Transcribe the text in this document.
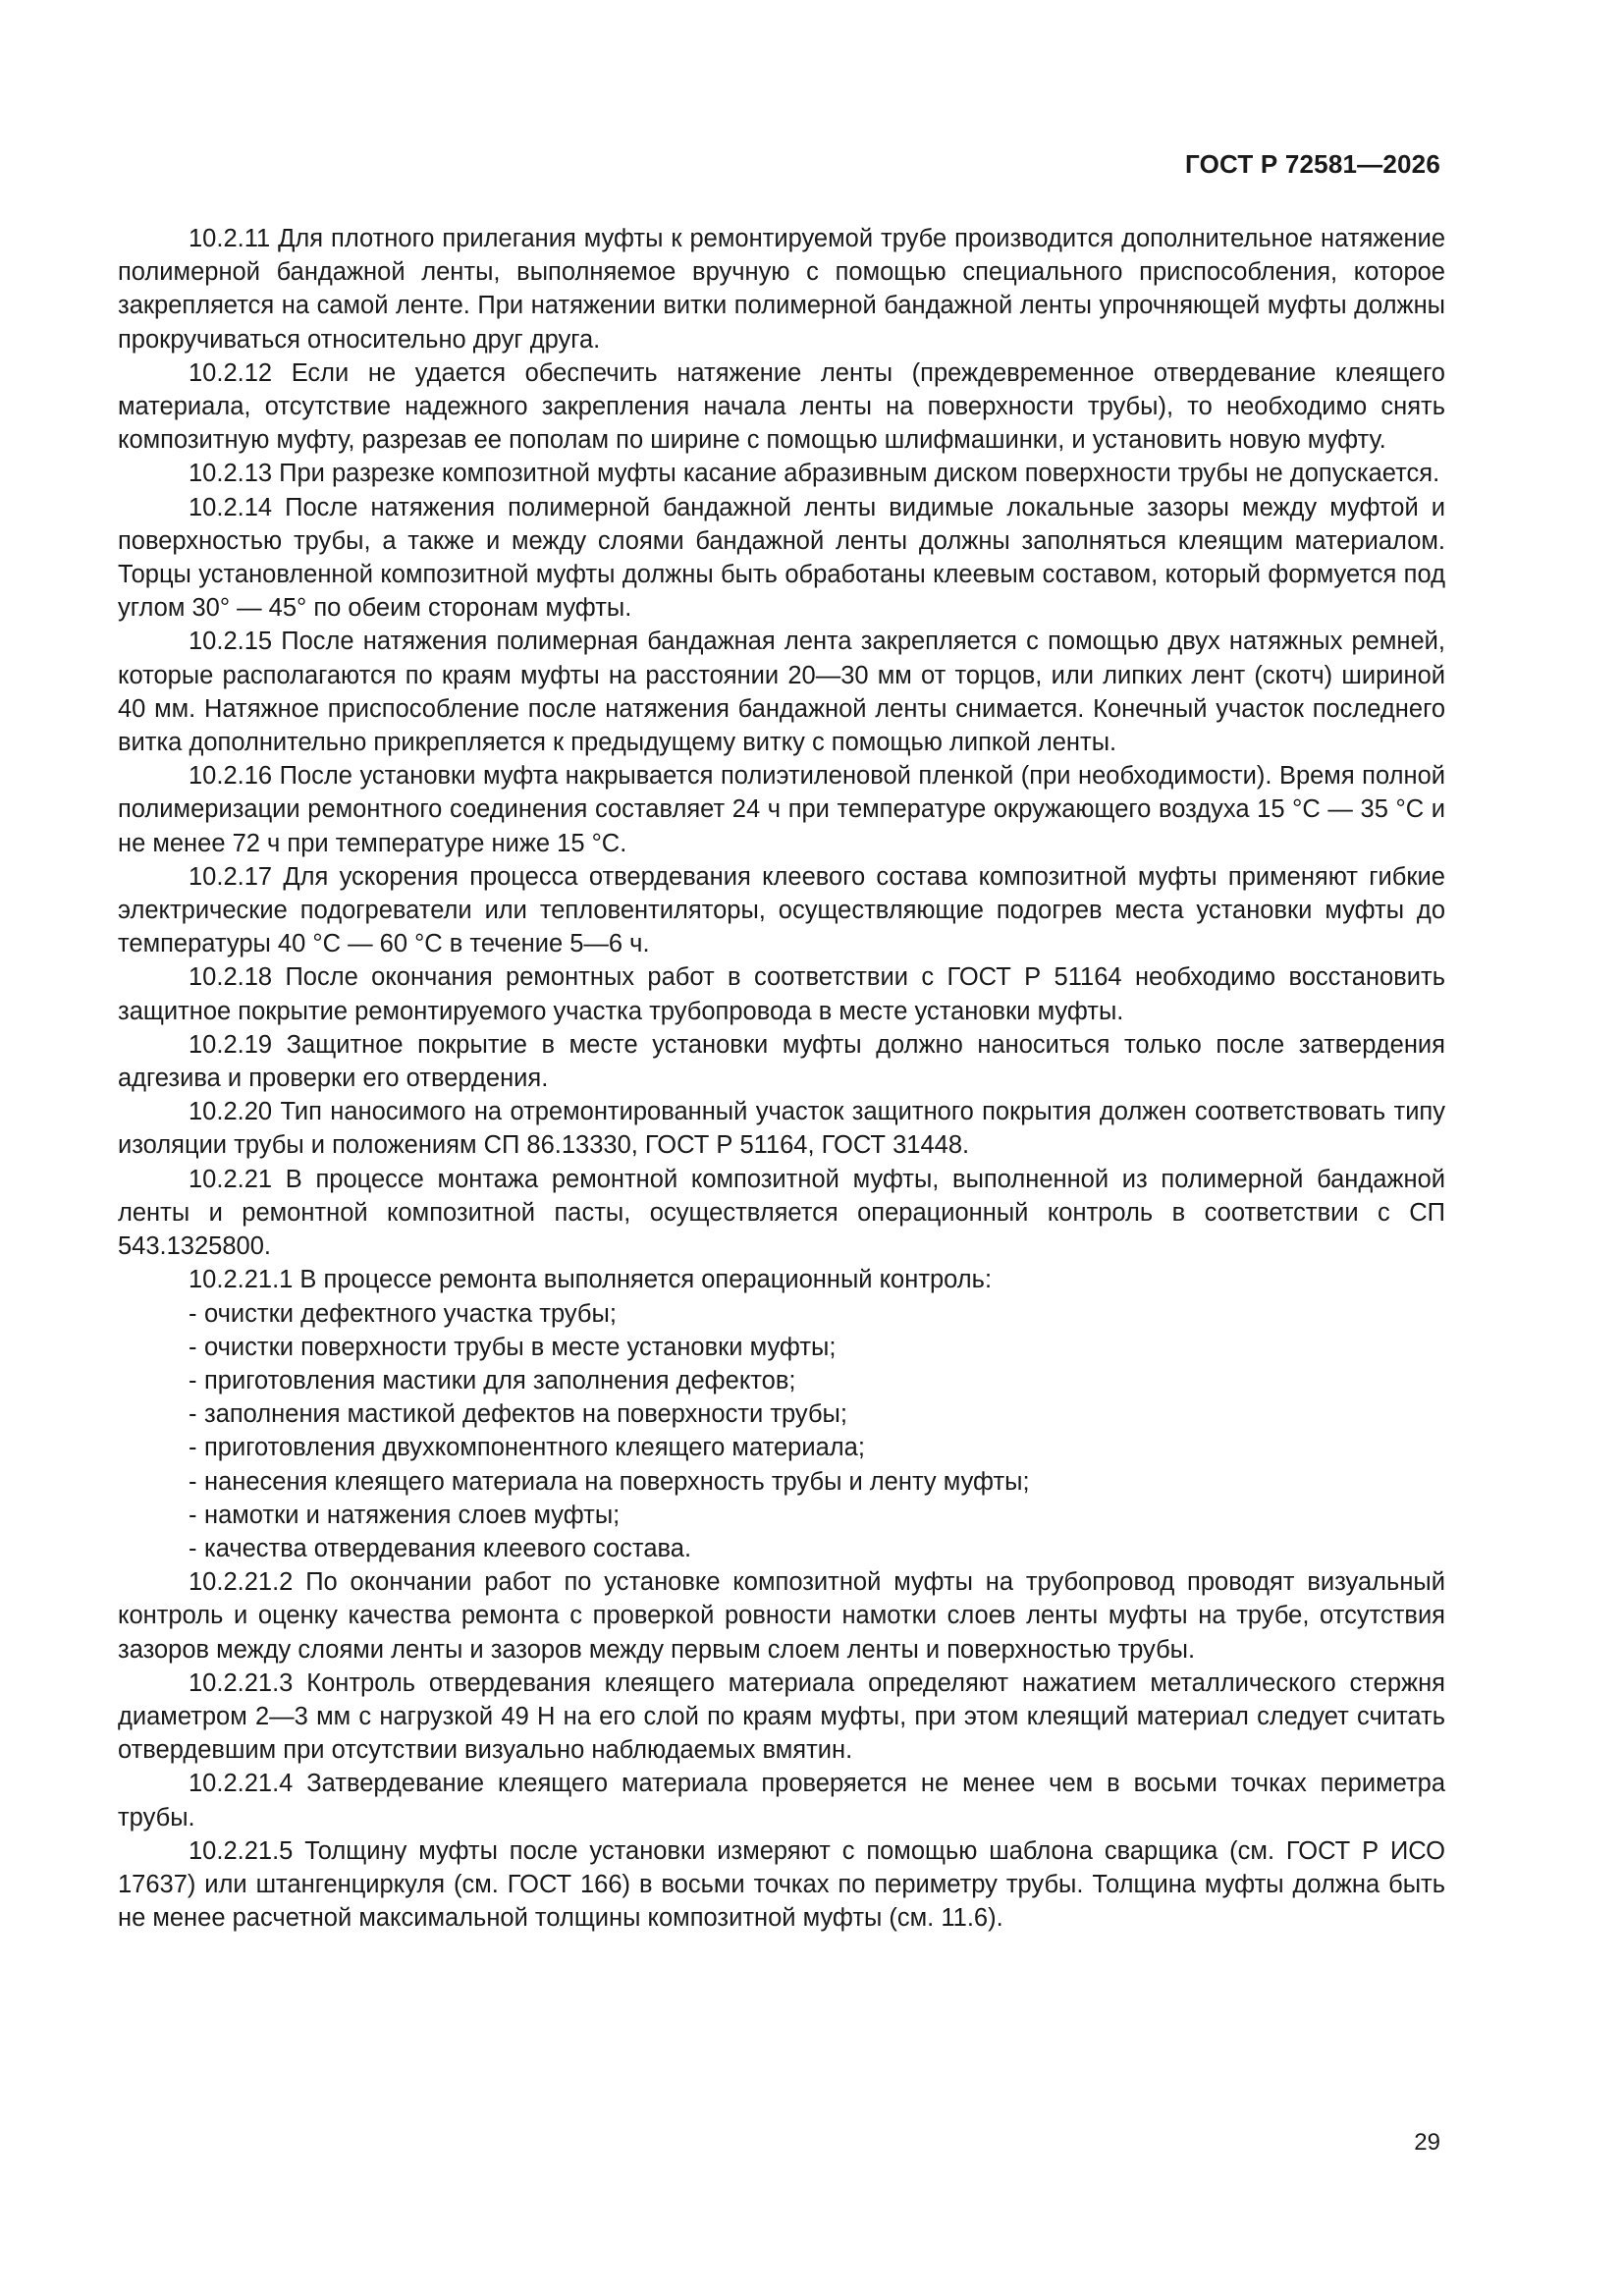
ГОСТ Р 72581—2026

10.2.11 Для плотного прилегания муфты к ремонтируемой трубе производится дополнительное натяжение полимерной бандажной ленты, выполняемое вручную с помощью специального приспособления, которое закрепляется на самой ленте. При натяжении витки полимерной бандажной ленты упрочняющей муфты должны прокручиваться относительно друг друга.

10.2.12 Если не удается обеспечить натяжение ленты (преждевременное отвердевание клеящего материала, отсутствие надежного закрепления начала ленты на поверхности трубы), то необходимо снять композитную муфту, разрезав ее пополам по ширине с помощью шлифмашинки, и установить новую муфту.

10.2.13 При разрезке композитной муфты касание абразивным диском поверхности трубы не допускается.

10.2.14 После натяжения полимерной бандажной ленты видимые локальные зазоры между муфтой и поверхностью трубы, а также и между слоями бандажной ленты должны заполняться клеящим материалом. Торцы установленной композитной муфты должны быть обработаны клеевым составом, который формуется под углом 30° — 45° по обеим сторонам муфты.

10.2.15 После натяжения полимерная бандажная лента закрепляется с помощью двух натяжных ремней, которые располагаются по краям муфты на расстоянии 20—30 мм от торцов, или липких лент (скотч) шириной 40 мм. Натяжное приспособление после натяжения бандажной ленты снимается. Конечный участок последнего витка дополнительно прикрепляется к предыдущему витку с помощью липкой ленты.

10.2.16 После установки муфта накрывается полиэтиленовой пленкой (при необходимости). Время полной полимеризации ремонтного соединения составляет 24 ч при температуре окружающего воздуха 15 °С — 35 °С и не менее 72 ч при температуре ниже 15 °С.

10.2.17 Для ускорения процесса отвердевания клеевого состава композитной муфты применяют гибкие электрические подогреватели или тепловентиляторы, осуществляющие подогрев места установки муфты до температуры 40 °С — 60 °С в течение 5—6 ч.

10.2.18 После окончания ремонтных работ в соответствии с ГОСТ Р 51164 необходимо восстановить защитное покрытие ремонтируемого участка трубопровода в месте установки муфты.

10.2.19 Защитное покрытие в месте установки муфты должно наноситься только после затвердения адгезива и проверки его отвердения.

10.2.20 Тип наносимого на отремонтированный участок защитного покрытия должен соответствовать типу изоляции трубы и положениям СП 86.13330, ГОСТ Р 51164, ГОСТ 31448.

10.2.21 В процессе монтажа ремонтной композитной муфты, выполненной из полимерной бандажной ленты и ремонтной композитной пасты, осуществляется операционный контроль в соответствии с СП 543.1325800.

10.2.21.1 В процессе ремонта выполняется операционный контроль:

- очистки дефектного участка трубы;
- очистки поверхности трубы в месте установки муфты;
- приготовления мастики для заполнения дефектов;
- заполнения мастикой дефектов на поверхности трубы;
- приготовления двухкомпонентного клеящего материала;
- нанесения клеящего материала на поверхность трубы и ленту муфты;
- намотки и натяжения слоев муфты;
- качества отвердевания клеевого состава.

10.2.21.2 По окончании работ по установке композитной муфты на трубопровод проводят визуальный контроль и оценку качества ремонта с проверкой ровности намотки слоев ленты муфты на трубе, отсутствия зазоров между слоями ленты и зазоров между первым слоем ленты и поверхностью трубы.

10.2.21.3 Контроль отвердевания клеящего материала определяют нажатием металлического стержня диаметром 2—3 мм с нагрузкой 49 Н на его слой по краям муфты, при этом клеящий материал следует считать отвердевшим при отсутствии визуально наблюдаемых вмятин.

10.2.21.4 Затвердевание клеящего материала проверяется не менее чем в восьми точках периметра трубы.

10.2.21.5 Толщину муфты после установки измеряют с помощью шаблона сварщика (см. ГОСТ Р ИСО 17637) или штангенциркуля (см. ГОСТ 166) в восьми точках по периметру трубы. Толщина муфты должна быть не менее расчетной максимальной толщины композитной муфты (см. 11.6).

29
